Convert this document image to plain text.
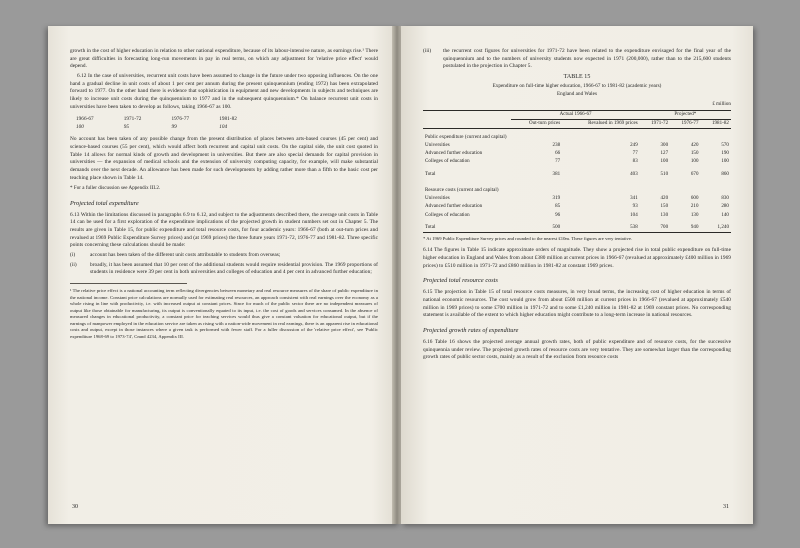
growth in the cost of higher education in relation to other national expenditure, because of its labour-intensive nature, as earnings rise.¹ There are great difficulties in forecasting long-run movements in pay in real terms, on which any adjustment for 'relative price effect' would depend.

6.12 In the case of universities, recurrent unit costs have been assumed to change in the future under two opposing influences. On the one hand a gradual decline in unit costs of about 1 per cent per annum during the present quinquennium (ending 1972) has been extrapolated forward to 1977. On the other hand there is evidence that sophistication in equipment and new developments in subjects and techniques are likely to increase unit costs during the quinquennium to 1977 and in the subsequent quinquennium.* On balance recurrent unit costs in universities have been taken to develop as follows, taking 1966-67 as 100.

1966-67	1971-72	1976-77	1981-82
100	95	99	104

No account has been taken of any possible change from the present distribution of places between arts-based courses (45 per cent) and science-based courses (55 per cent), which would affect both recurrent and capital unit costs. On the capital side, the unit cost quoted in Table 14 allows for normal kinds of growth and development in universities. But there are also special demands for capital provision in universities — the expansion of medical schools and the extension of university computing capacity, for example, will make substantial demands over the next decade. An allowance has been made for such developments by adding rather more than a fifth to the basic cost per teaching place shown in Table 14.

* For a fuller discussion see Appendix III.2.

Projected total expenditure

6.13 Within the limitations discussed in paragraphs 6.9 to 6.12, and subject to the adjustments described there, the average unit costs in Table 14 can be used for a first exploration of the expenditure implications of the projected growth in student numbers set out in Chapter 5. The results are given in Table 15, for public expenditure and total resource costs, for four academic years: 1966-67 (both at out-turn prices and revalued at 1969 Public Expenditure Survey prices) and (at 1969 prices) the three future years 1971-72, 1976-77 and 1981-82. Three specific points concerning these calculations should be made:

(i)	account has been taken of the different unit costs attributable to students from overseas;
(ii)	broadly, it has been assumed that 10 per cent of the additional students would require residential provision. The 1969 proportions of students in residence were 39 per cent in both universities and colleges of education and 4 per cent in advanced further education;
¹ The relative price effect is a national accounting term reflecting divergencies between monetary and real resource measures of the share of public expenditure in the national income. Constant price calculations are normally used for estimating real resources, an approach consistent with real earnings over the economy as a whole rising in line with productivity, i.e. with increased output at constant prices. Since for much of the public sector there are no independent measures of output like those obtainable for manufacturing, its output is conventionally equated to its input, i.e. the cost of goods and services consumed. In the absence of measured changes in educational productivity, a constant price for teaching services would thus give a constant valuation for educational output, but if the earnings of manpower employed in the education service are taken as rising with a nation-wide movement in real earnings, there is an apparent rise in educational costs and output, except in those instances where a given task is performed with fewer staff. For a fuller discussion of the 'relative price effect', see 'Public expenditure 1968-69 to 1973-74', Cmnd 4234, Appendix III.
30
(iii)	the recurrent cost figures for universities for 1971-72 have been related to the expenditure envisaged for the final year of the quinquennium and to the numbers of university students now expected in 1971 (200,000), rather than to the 215,600 students postulated in the projection in Chapter 5.
TABLE 15
Expenditure on full-time higher education, 1966-67 to 1981-82 (academic years)
England and Wales
£ million
	Actual 1966-67		Projected*		
	Out-turn prices	Revalued in 1969 prices	1971-72	1976-77	1981-82

Public expenditure (current and capital)					
Universities	238	249	300	420	570
Advanced further education	66	77	127	150	190
Colleges of education	77	83	100	100	100

Total	381	403	510	670	860

Resource costs (current and capital)					
Universities	319	341	420	600	830
Advanced further education	85	93	150	210	280
Colleges of education	96	104	130	130	140

Total	500	538	700	940	1,240
* At 1969 Public Expenditure Survey prices and rounded to the nearest £10m. These figures are very tentative.

6.14 The figures in Table 15 indicate approximate orders of magnitude. They show a projected rise in total public expenditure on full-time higher education in England and Wales from about £380 million at current prices in 1966-67 (revalued at approximately £400 million in 1969 prices) to £510 million in 1971-72 and £860 million in 1981-82 at constant 1969 prices.

Projected total resource costs

6.15 The projection in Table 15 of total resource costs measures, in very broad terms, the increasing cost of higher education in terms of national economic resources. The cost would grow from about £500 million at current prices in 1966-67 (revalued at approximately £540 million in 1969 prices) to some £700 million in 1971-72 and to some £1,240 million in 1981-82 at 1969 constant prices. No corresponding statement is available of the extent to which higher education might contribute to a long-term increase in national resources.

Projected growth rates of expenditure

6.16 Table 16 shows the projected average annual growth rates, both of public expenditure and of resource costs, for the successive quinquennia under review. The projected growth rates of resource costs are very tentative. They are somewhat larger than the corresponding growth rates of public sector costs, mainly as a result of the exclusion from resource costs

31
